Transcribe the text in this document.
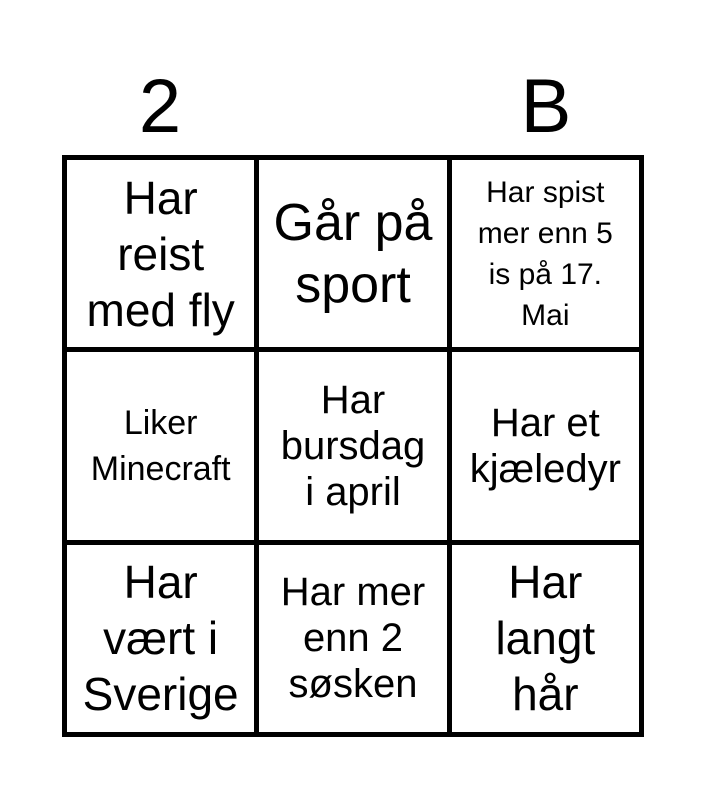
2	B
Har
reist
med fly
Går på
sport
Har spist
mer enn 5
is på 17.
Mai
Liker
Minecraft
Har
bursdag
i april
Har et
kjæledyr
Har
vært i
Sverige
Har mer
enn 2
søsken
Har
langt
hår
